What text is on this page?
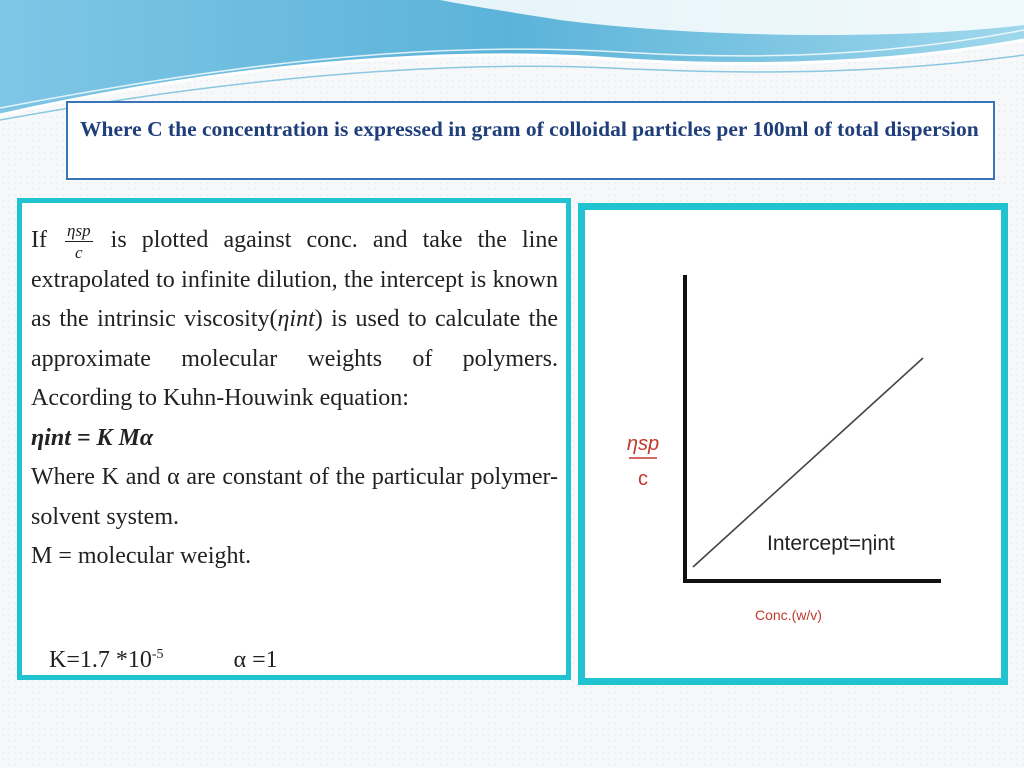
Where C the concentration is expressed in gram of colloidal particles per 100ml of total dispersion

If $\frac{\text{ηsp}}{c}$ is plotted against conc. and take the line extrapolated to infinite dilution, the intercept is known as the intrinsic viscosity(ηint) is used to calculate the approximate molecular weights of polymers. According to Kuhn-Houwink equation:

ηint = K Mα

Where K and α are constant of the particular polymer- solvent system.

M = molecular weight.

K=1.7 $*10^{-5}$	α =1
ηsp
c
Intercept=ηint
Conc.(w/v)
